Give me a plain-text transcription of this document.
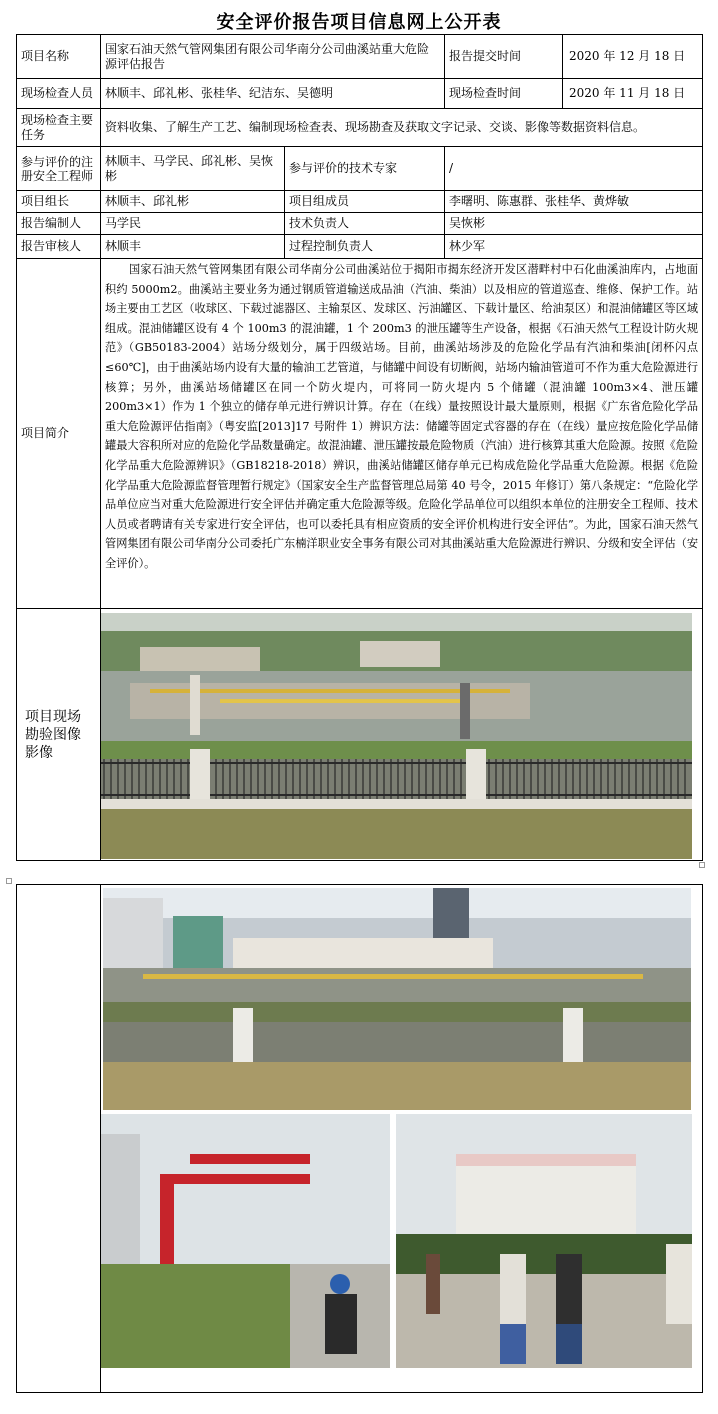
安全评价报告项目信息网上公开表
项目名称	国家石油天然气管网集团有限公司华南分公司曲溪站重大危险源评估报告		报告提交时间	2020 年 12 月 18 日
现场检查人员	林顺丰、邱礼彬、张桂华、纪洁东、吴德明		现场检查时间	2020 年 11 月 18 日
现场检查主要任务	资料收集、了解生产工艺、编制现场检查表、现场勘查及获取文字记录、交谈、影像等数据资料信息。			
参与评价的注册安全工程师	林顺丰、马学民、邱礼彬、吴恢彬	参与评价的技术专家	/	
项目组长	林顺丰、邱礼彬	项目组成员	李曙明、陈惠群、张桂华、黄烨敏	
报告编制人	马学民	技术负责人	吴恢彬	
报告审核人	林顺丰	过程控制负责人	林少军	
项目简介	国家石油天然气管网集团有限公司华南分公司曲溪站位于揭阳市揭东经济开发区潜畔村中石化曲溪油库内，占地面积约 5000m2。曲溪站主要业务为通过钢质管道输送成品油（汽油、柴油）以及相应的管道巡查、维修、保护工作。站场主要由工艺区（收球区、下载过滤器区、主输泵区、发球区、污油罐区、下载计量区、给油泵区）和混油储罐区等区域组成。混油储罐区设有 4 个 100m3 的混油罐，1 个 200m3 的泄压罐等生产设备，根据《石油天然气工程设计防火规范》（GB50183-2004）站场分级划分，属于四级站场。目前，曲溪站场涉及的危险化学品有汽油和柴油[闭杯闪点≤60℃]，由于曲溪站场内设有大量的输油工艺管道，与储罐中间设有切断阀，站场内输油管道可不作为重大危险源进行核算；另外，曲溪站场储罐区在同一个防火堤内，可将同一防火堤内 5 个储罐（混油罐 100m3×4、泄压罐 200m3×1）作为 1 个独立的储存单元进行辨识计算。存在（在线）量按照设计最大量原则，根据《广东省危险化学品重大危险源评估指南》（粤安监[2013]17 号附件 1）辨识方法：储罐等固定式容器的存在（在线）量应按危险化学品储罐最大容积所对应的危险化学品数量确定。故混油罐、泄压罐按最危险物质（汽油）进行核算其重大危险源。按照《危险化学品重大危险源辨识》（GB18218-2018）辨识，曲溪站储罐区储存单元已构成危险化学品重大危险源。根据《危险化学品重大危险源监督管理暂行规定》（国家安全生产监督管理总局第 40 号令，2015 年修订）第八条规定：“危险化学品单位应当对重大危险源进行安全评估并确定重大危险源等级。危险化学品单位可以组织本单位的注册安全工程师、技术人员或者聘请有关专家进行安全评估，也可以委托具有相应资质的安全评价机构进行安全评估”。为此，国家石油天然气管网集团有限公司华南分公司委托广东楠洋职业安全事务有限公司对其曲溪站重大危险源进行辨识、分级和安全评估（安全评价）。			
项目现场勘验图像影像	
